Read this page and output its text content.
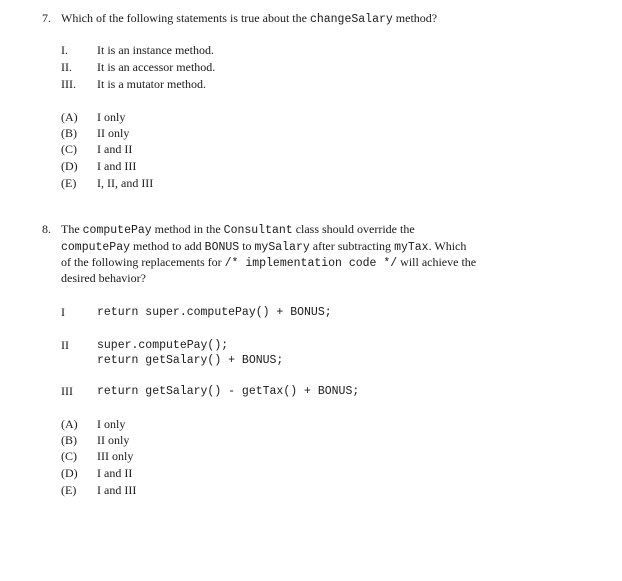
7. Which of the following statements is true about the changeSalary method?
I. It is an instance method.
II. It is an accessor method.
III. It is a mutator method.
(A) I only
(B) II only
(C) I and II
(D) I and III
(E) I, II, and III
8. The computePay method in the Consultant class should override the
computePay method to add BONUS to mySalary after subtracting myTax. Which
of the following replacements for /* implementation code */ will achieve the
desired behavior?
I	return super.computePay() + BONUS;
II super.computePay();
return getSalary() + BONUS;
III return getSalary() - getTax() + BONUS;
(A) I only
(B) II only
(C) III only
(D) I and II
(E) I and III
